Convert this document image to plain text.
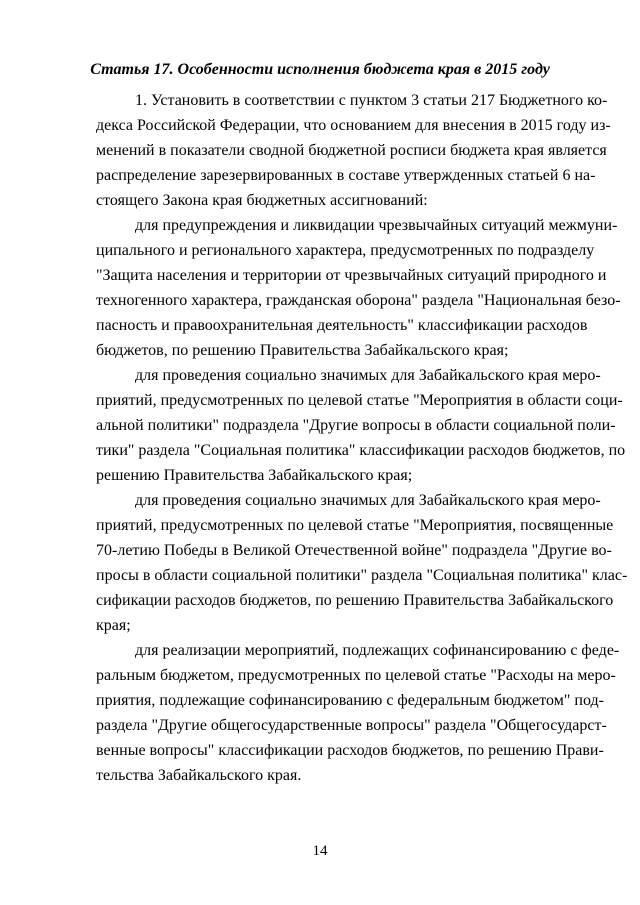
Статья 17. Особенности исполнения бюджета края в 2015 году
1. Установить в соответствии с пунктом 3 статьи 217 Бюджетного ко-
декса Российской Федерации, что основанием для внесения в 2015 году из-
менений в показатели сводной бюджетной росписи бюджета края является
распределение зарезервированных в составе утвержденных статьей 6 на-
стоящего Закона края бюджетных ассигнований:
для предупреждения и ликвидации чрезвычайных ситуаций межмуни-
ципального и регионального характера, предусмотренных по подразделу
"Защита населения и территории от чрезвычайных ситуаций природного и
техногенного характера, гражданская оборона" раздела "Национальная безо-
пасность и правоохранительная деятельность" классификации расходов
бюджетов, по решению Правительства Забайкальского края;
для проведения социально значимых для Забайкальского края меро-
приятий, предусмотренных по целевой статье "Мероприятия в области соци-
альной политики" подраздела "Другие вопросы в области социальной поли-
тики" раздела "Социальная политика" классификации расходов бюджетов, по
решению Правительства Забайкальского края;
для проведения социально значимых для Забайкальского края меро-
приятий, предусмотренных по целевой статье "Мероприятия, посвященные
70-летию Победы в Великой Отечественной войне" подраздела "Другие во-
просы в области социальной политики" раздела "Социальная политика" клас-
сификации расходов бюджетов, по решению Правительства Забайкальского
края;
для реализации мероприятий, подлежащих софинансированию с феде-
ральным бюджетом, предусмотренных по целевой статье "Расходы на меро-
приятия, подлежащие софинансированию с федеральным бюджетом" под-
раздела "Другие общегосударственные вопросы" раздела "Общегосударст-
венные вопросы" классификации расходов бюджетов, по решению Прави-
тельства Забайкальского края.
14
